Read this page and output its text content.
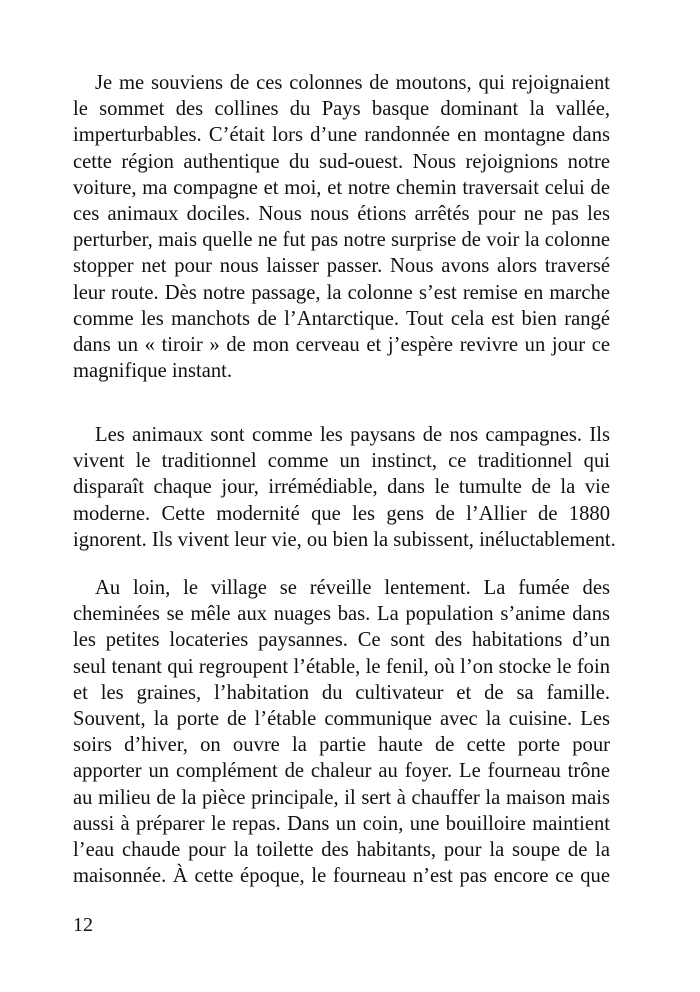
Je me souviens de ces colonnes de moutons, qui rejoignaient
le sommet des collines du Pays basque dominant la vallée,
imperturbables. C’était lors d’une randonnée en montagne dans
cette région authentique du sud-ouest. Nous rejoignions notre
voiture, ma compagne et moi, et notre chemin traversait celui de
ces animaux dociles. Nous nous étions arrêtés pour ne pas les
perturber, mais quelle ne fut pas notre surprise de voir la colonne
stopper net pour nous laisser passer. Nous avons alors traversé
leur route. Dès notre passage, la colonne s’est remise en marche
comme les manchots de l’Antarctique. Tout cela est bien rangé
dans un « tiroir » de mon cerveau et j’espère revivre un jour ce
magnifique instant.
Les animaux sont comme les paysans de nos campagnes. Ils
vivent le traditionnel comme un instinct, ce traditionnel qui
disparaît chaque jour, irrémédiable, dans le tumulte de la vie
moderne. Cette modernité que les gens de l’Allier de 1880
ignorent. Ils vivent leur vie, ou bien la subissent, inéluctablement.
Au loin, le village se réveille lentement. La fumée des
cheminées se mêle aux nuages bas. La population s’anime dans
les petites locateries paysannes. Ce sont des habitations d’un
seul tenant qui regroupent l’étable, le fenil, où l’on stocke le foin
et les graines, l’habitation du cultivateur et de sa famille.
Souvent, la porte de l’étable communique avec la cuisine. Les
soirs d’hiver, on ouvre la partie haute de cette porte pour
apporter un complément de chaleur au foyer. Le fourneau trône
au milieu de la pièce principale, il sert à chauffer la maison mais
aussi à préparer le repas. Dans un coin, une bouilloire maintient
l’eau chaude pour la toilette des habitants, pour la soupe de la
maisonnée. À cette époque, le fourneau n’est pas encore ce que
12
